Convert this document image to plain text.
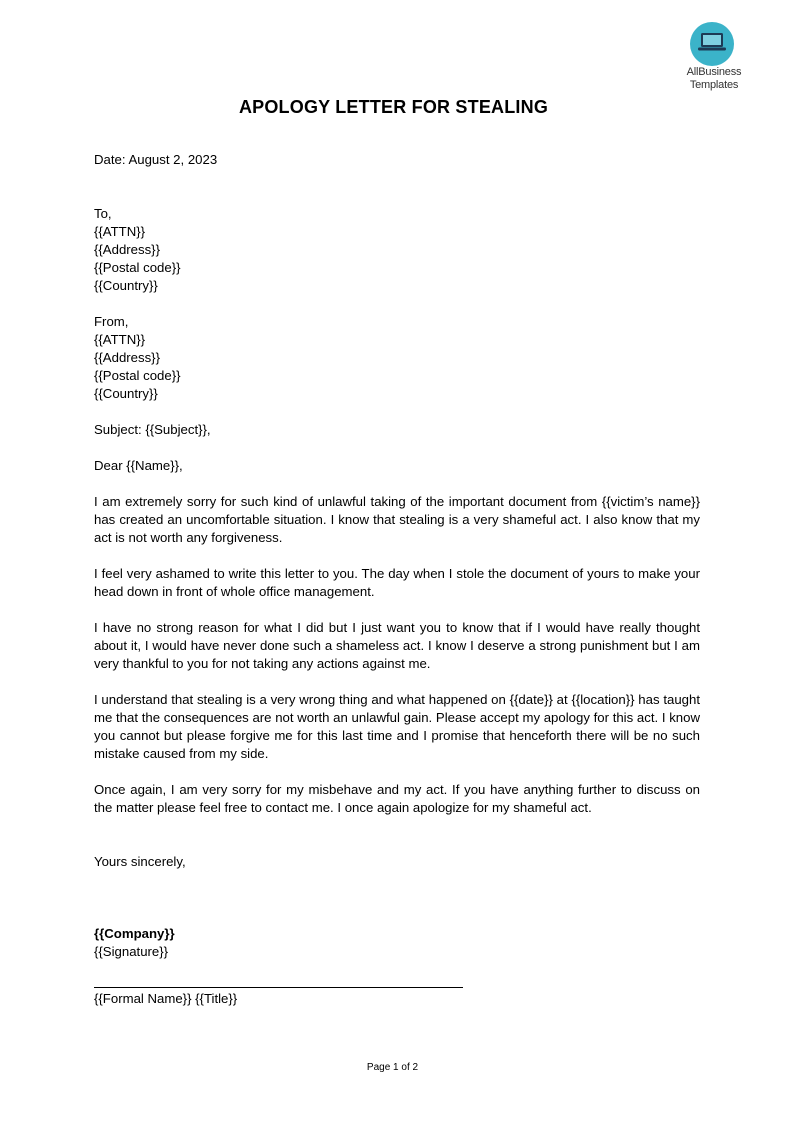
AllBusiness
Templates
APOLOGY LETTER FOR STEALING
Date: August 2, 2023
To,
{{ATTN}}
{{Address}}
{{Postal code}}
{{Country}}
From,
{{ATTN}}
{{Address}}
{{Postal code}}
{{Country}}
Subject: {{Subject}},
Dear {{Name}},

I am extremely sorry for such kind of unlawful taking of the important document from {{victim’s name}} has created an uncomfortable situation. I know that stealing is a very shameful act. I also know that my act is not worth any forgiveness.

I feel very ashamed to write this letter to you. The day when I stole the document of yours to make your head down in front of whole office management.

I have no strong reason for what I did but I just want you to know that if I would have really thought about it, I would have never done such a shameless act. I know I deserve a strong punishment but I am very thankful to you for not taking any actions against me.

I understand that stealing is a very wrong thing and what happened on {{date}} at {{location}} has taught me that the consequences are not worth an unlawful gain. Please accept my apology for this act. I know you cannot but please forgive me for this last time and I promise that henceforth there will be no such mistake caused from my side.

Once again, I am very sorry for my misbehave and my act. If you have anything further to discuss on the matter please feel free to contact me. I once again apologize for my shameful act.

Yours sincerely,
{{Company}}
{{Signature}}
{{Formal Name}} {{Title}}
Page 1 of 2
